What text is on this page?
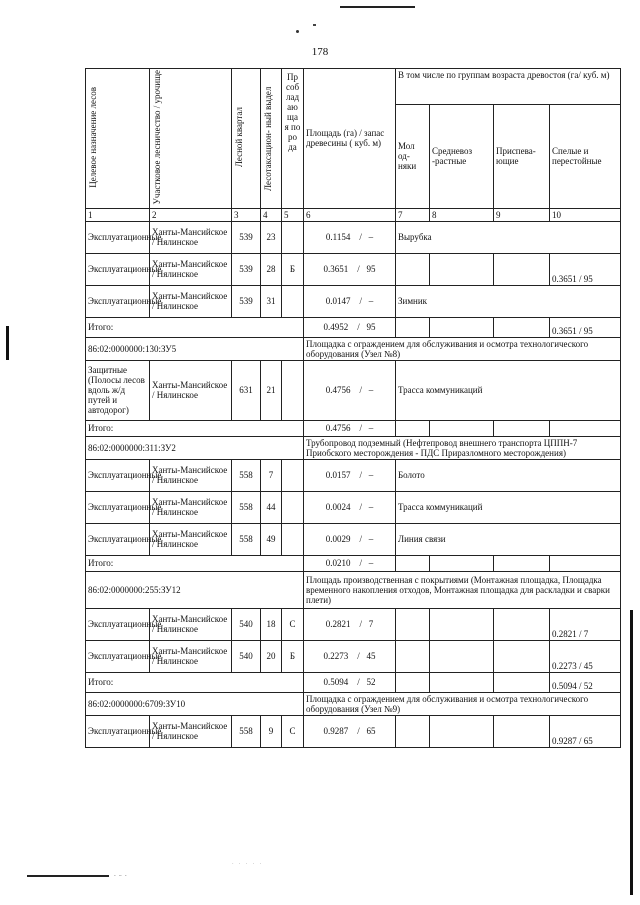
178
- ~ -
· · · · ·
Целевое назначение лесов	Участковое лесничество / урочище	Лесной квартал	Лесотаксацион- ный выдел	Пр соб лад аю ща я по ро да	Площадь (га) / запас древесины ( куб. м)	В том числе по группам возраста древостоя (га/ куб. м)			
						Мол од- няки	Средневоз -растные	Приспева- ющие	Спелые и перестойные
1	2	3	4	5	6	7	8	9	10
Эксплуатационные	Ханты-Мансийское / Нялинское	539	23		0.1154 / –	Вырубка			
Эксплуатационные	Ханты-Мансийское / Нялинское	539	28	Б	0.3651 / 95				0.3651 / 95
Эксплуатационные	Ханты-Мансийское / Нялинское	539	31		0.0147 / –	Зимник			
Итого:					0.4952 / 95				0.3651 / 95
86:02:0000000:130:ЗУ5					Площадка с ограждением для обслуживания и осмотра технологического оборудования (Узел №8)				
Защитные (Полосы лесов вдоль ж/д путей и автодорог)	Ханты-Мансийское / Нялинское	631	21		0.4756 / –	Трасса коммуникаций			
Итого:					0.4756 / –				
86:02:0000000:311:ЗУ2					Трубопровод подземный (Нефтепровод внешнего транспорта ЦППН-7 Приобского месторождения - ПДС Приразломного месторождения)				
Эксплуатационные	Ханты-Мансийское / Нялинское	558	7		0.0157 / –	Болото			
Эксплуатационные	Ханты-Мансийское / Нялинское	558	44		0.0024 / –	Трасса коммуникаций			
Эксплуатационные	Ханты-Мансийское / Нялинское	558	49		0.0029 / –	Линия связи			
Итого:					0.0210 / –				
86:02:0000000:255:ЗУ12					Площадь производственная с покрытиями (Монтажная площадка, Площадка временного накопления отходов, Монтажная площадка для раскладки и сварки плети)				
Эксплуатационные	Ханты-Мансийское / Нялинское	540	18	С	0.2821 / 7				0.2821 / 7
Эксплуатационные	Ханты-Мансийское / Нялинское	540	20	Б	0.2273 / 45				0.2273 / 45
Итого:					0.5094 / 52				0.5094 / 52
86:02:0000000:6709:ЗУ10					Площадка с ограждением для обслуживания и осмотра технологического оборудования (Узел №9)				
Эксплуатационные	Ханты-Мансийское / Нялинское	558	9	С	0.9287 / 65				0.9287 / 65
